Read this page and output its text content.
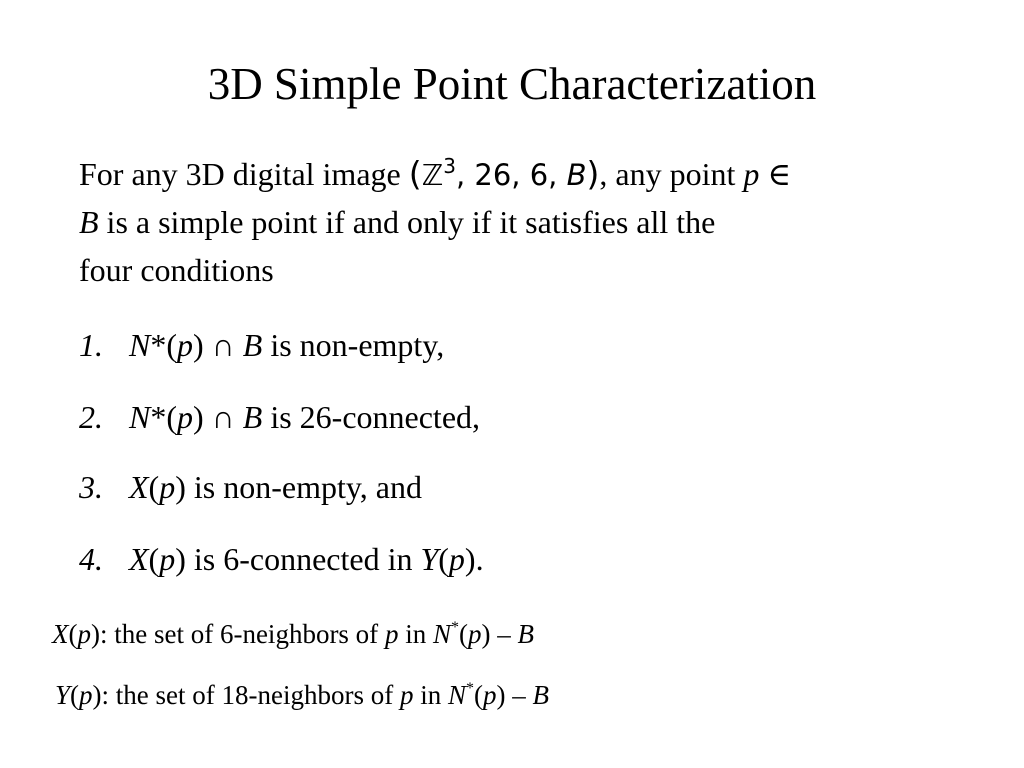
3D Simple Point Characterization
For any 3D digital image (ℤ$^3$, 26, 6, B), any point p ∈
B is a simple point if and only if it satisfies all the
four conditions
1. N*(p) ∩ B is non-empty,
2. N*(p) ∩ B is 26-connected,
3. X(p) is non-empty, and
4. X(p) is 6-connected in Y(p).
X(p): the set of 6-neighbors of p in N*(p) – B
Y(p): the set of 18-neighbors of p in N*(p) – B
